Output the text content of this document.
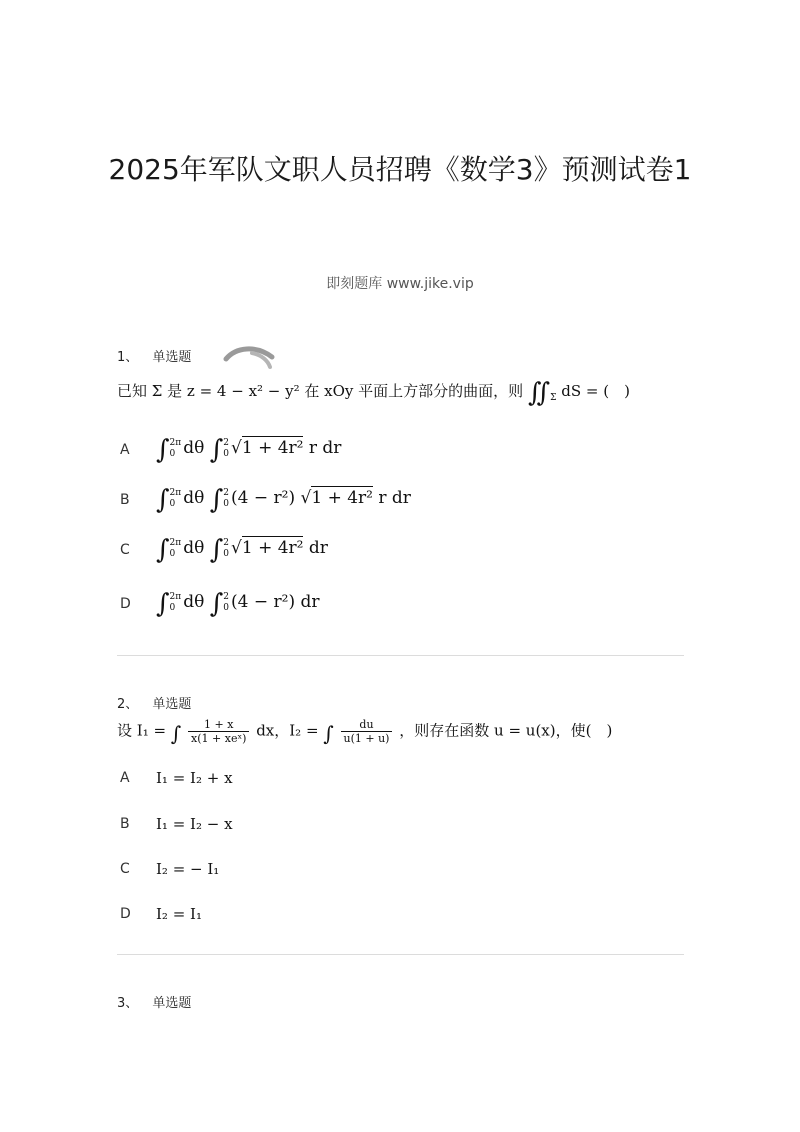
2025年军队文职人员招聘《数学3》预测试卷1
即刻题库 www.jike.vip
1、 单选题
已知 Σ 是 z = 4 − x² − y² 在 xOy 平面上方部分的曲面，则 $∬_\Sigma$ dS = (　)
A	∫ 2π
0 dθ ∫ 2
0 √1 + 4r² r dr
B	∫ 2π
0 dθ ∫ 2
0 (4 − r²) √1 + 4r² r dr
C	∫ 2π
0 dθ ∫ 2
0 √1 + 4r² dr
D ∫ 2π
0 dθ ∫ 2
0 (4 − r²) dr
2、 单选题
设 I₁ = ∫ $\frac{1 + x}{\text{x(1 + xeˣ)}}$ dx，I₂ = ∫ $\frac{du}{u(1 + u)}$ ，则存在函数 u = u(x)，使(　)
A	I₁ = I₂ + x
B	I₁ = I₂ − x
C	I₂ = − I₁
D	I₂ = I₁
3、 单选题
